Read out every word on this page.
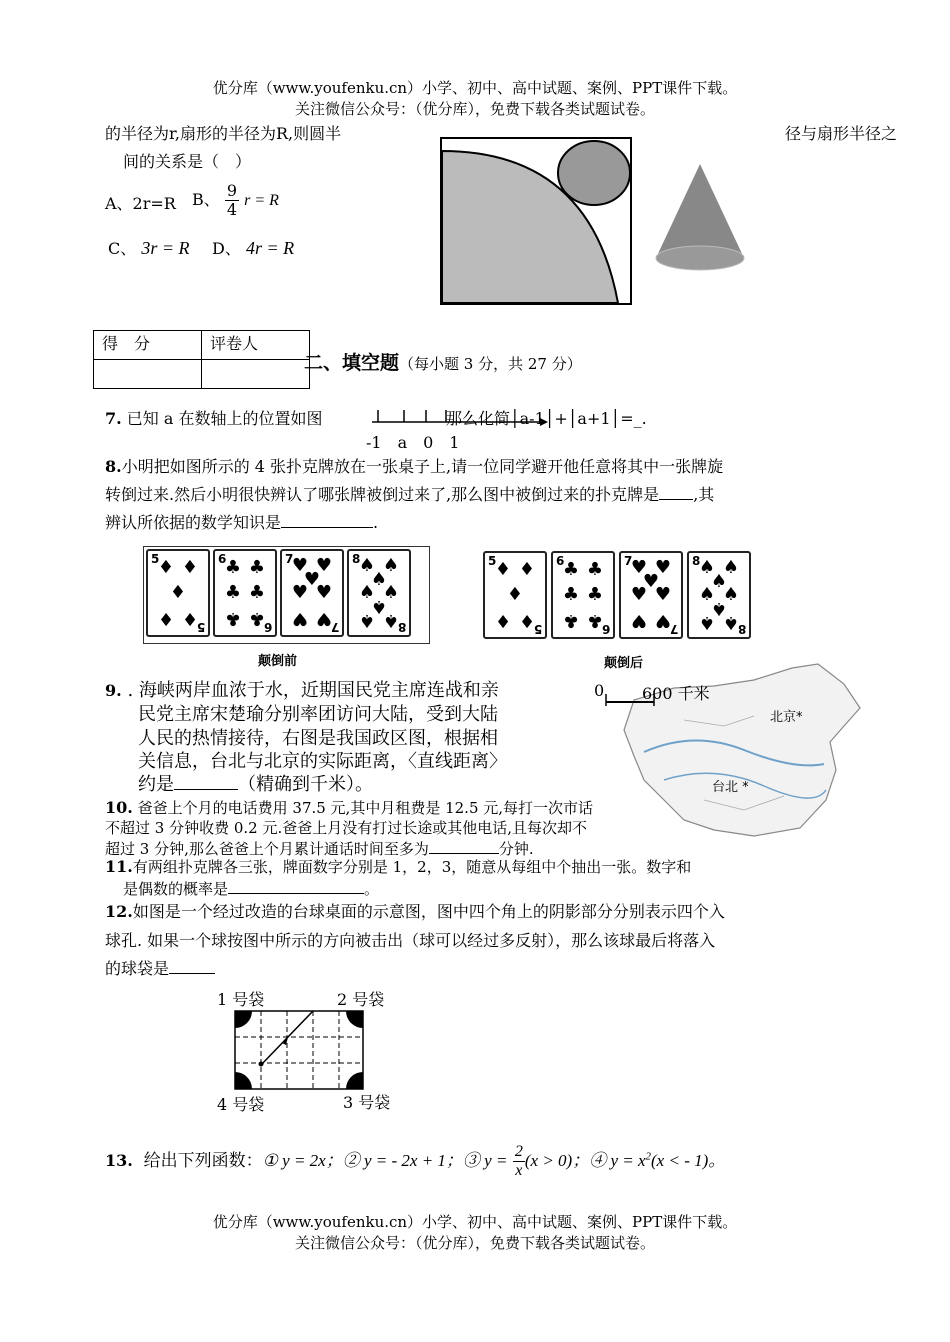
优分库（www.youfenku.cn）小学、初中、高中试题、案例、PPT课件下载。
关注微信公众号：（优分库），免费下载各类试题试卷。
的半径为r,扇形的半径为R,则圆半	径与扇形半径之
间的关系是（　）
A、2r=R B、 $\frac{9}{4}$ r = R
C、 3r = R D、 4r = R
得　分	评卷人

二、填空题（每小题 3 分，共 27 分）
7. 已知 a 在数轴上的位置如图	那么化简│a-1│+│a+1│=_.
-1　a　0　1
8.小明把如图所示的 4 张扑克牌放在一张桌子上,请一位同学避开他任意将其中一张牌旋
转倒过来.然后小明很快辨认了哪张牌被倒过来了,那么图中被倒过来的扑克牌是 ,其
辨认所依据的数学知识是	.
5
5
♦ ♦
♦
♦ ♦
6
6
♣ ♣
♣ ♣
♣ ♣
7
7
♥ ♥
♥
♥ ♥
♥ ♥
8
8
♠ ♠
♠
♠ ♠
♠
♠ ♠
颠倒前
5
5
♦ ♦
♦
♦ ♦
6
6
♣ ♣
♣ ♣
♣ ♣
7
7
♥ ♥
♥
♥ ♥
♥ ♥
8
8
♠ ♠
♠
♠ ♠
♠
♠ ♠
颠倒后
9. . 海峡两岸血浓于水，近期国民党主席连战和亲
民党主席宋楚瑜分别率团访问大陆，受到大陆
人民的热情接待，右图是我国政区图，根据相
关信息，台北与北京的实际距离，〈直线距离〉
约是	（精确到千米）。
0 600 千米
北京*
台北 *
10. 爸爸上个月的电话费用 37.5 元,其中月租费是 12.5 元,每打一次市话
不超过 3 分钟收费 0.2 元.爸爸上月没有打过长途或其他电话,且每次却不
超过 3 分钟,那么爸爸上个月累计通话时间至多为	分钟.
11.有两组扑克牌各三张，牌面数字分别是 1，2，3，随意从每组中个抽出一张。数字和
是偶数的概率是	。
12.如图是一个经过改造的台球桌面的示意图，图中四个角上的阴影部分分别表示四个入
球孔. 如果一个球按图中所示的方向被击出（球可以经过多反射），那么该球最后将落入
的球袋是
1 号袋	2 号袋
4 号袋	3 号袋
13. 给出下列函数：① y = 2x；② y = - 2x + 1；③ $y = \frac{2}{x} (x > 0)$；④ $y = x^2(x$ < - 1)。
优分库（www.youfenku.cn）小学、初中、高中试题、案例、PPT课件下载。
关注微信公众号：（优分库），免费下载各类试题试卷。
